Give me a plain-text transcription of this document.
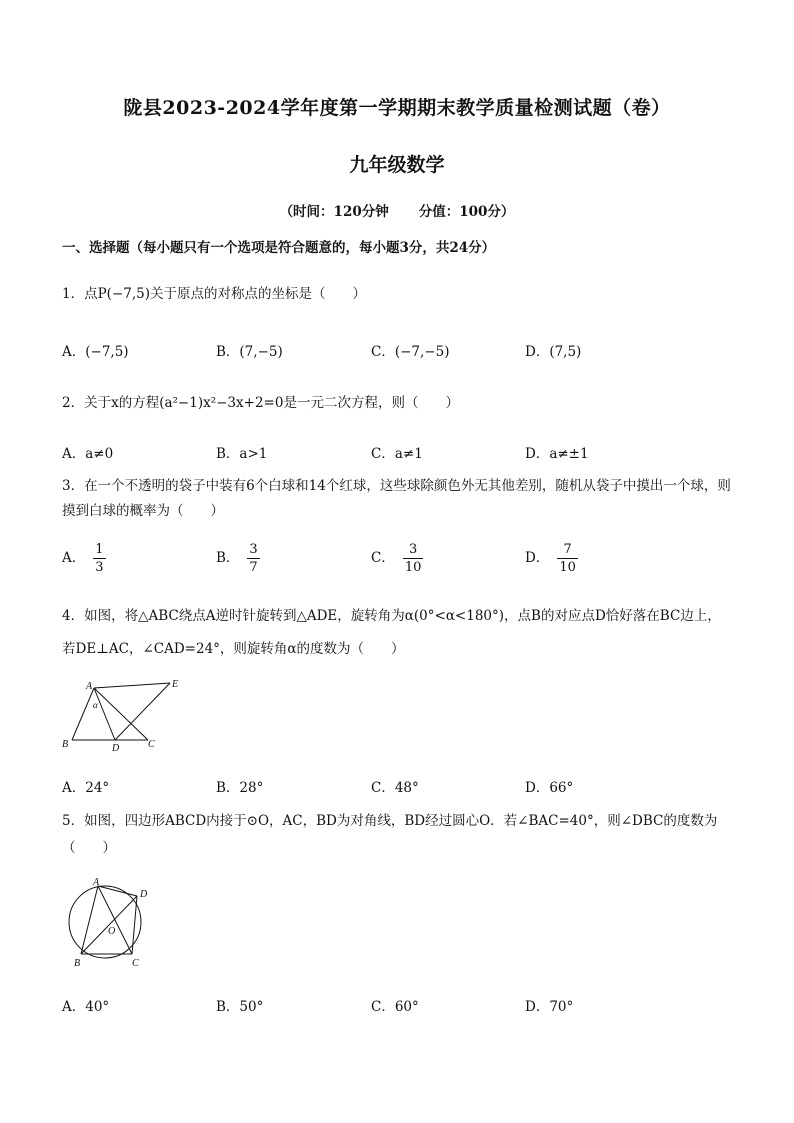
陇县2023-2024学年度第一学期期末教学质量检测试题（卷）
九年级数学
（时间：120分钟 分值：100分）
一、选择题（每小题只有一个选项是符合题意的，每小题3分，共24分）
1．点P(−7,5)关于原点的对称点的坐标是（　　）
A．(−7,5)	B．(7,−5)	C．(−7,−5)	D．(7,5)
2．关于x的方程(a²−1)x²−3x+2=0是一元二次方程，则（　　）
A．a≠0	B．a>1	C．a≠1	D．a≠±1
3．在一个不透明的袋子中装有6个白球和14个红球，这些球除颜色外无其他差别，随机从袋子中摸出一个球，则摸到白球的概率为（　　）
A． $\frac{1}{3}$	B． $\frac{3}{7}$	C． $\frac{3}{10}$	D． $\frac{7}{10}$
4．如图，将△ABC绕点A逆时针旋转到△ADE，旋转角为α(0°<α<180°)，点B的对应点D恰好落在BC边上，若DE⊥AC，∠CAD=24°，则旋转角α的度数为（　　）
A	E
α
B	D	C
A．24°	B．28°	C．48°	D．66°
5．如图，四边形ABCD内接于⊙O，AC，BD为对角线，BD经过圆心O．若∠BAC=40°，则∠DBC的度数为（　　）
A
D
O
B	C
A．40°	B．50°	C．60°	D．70°
